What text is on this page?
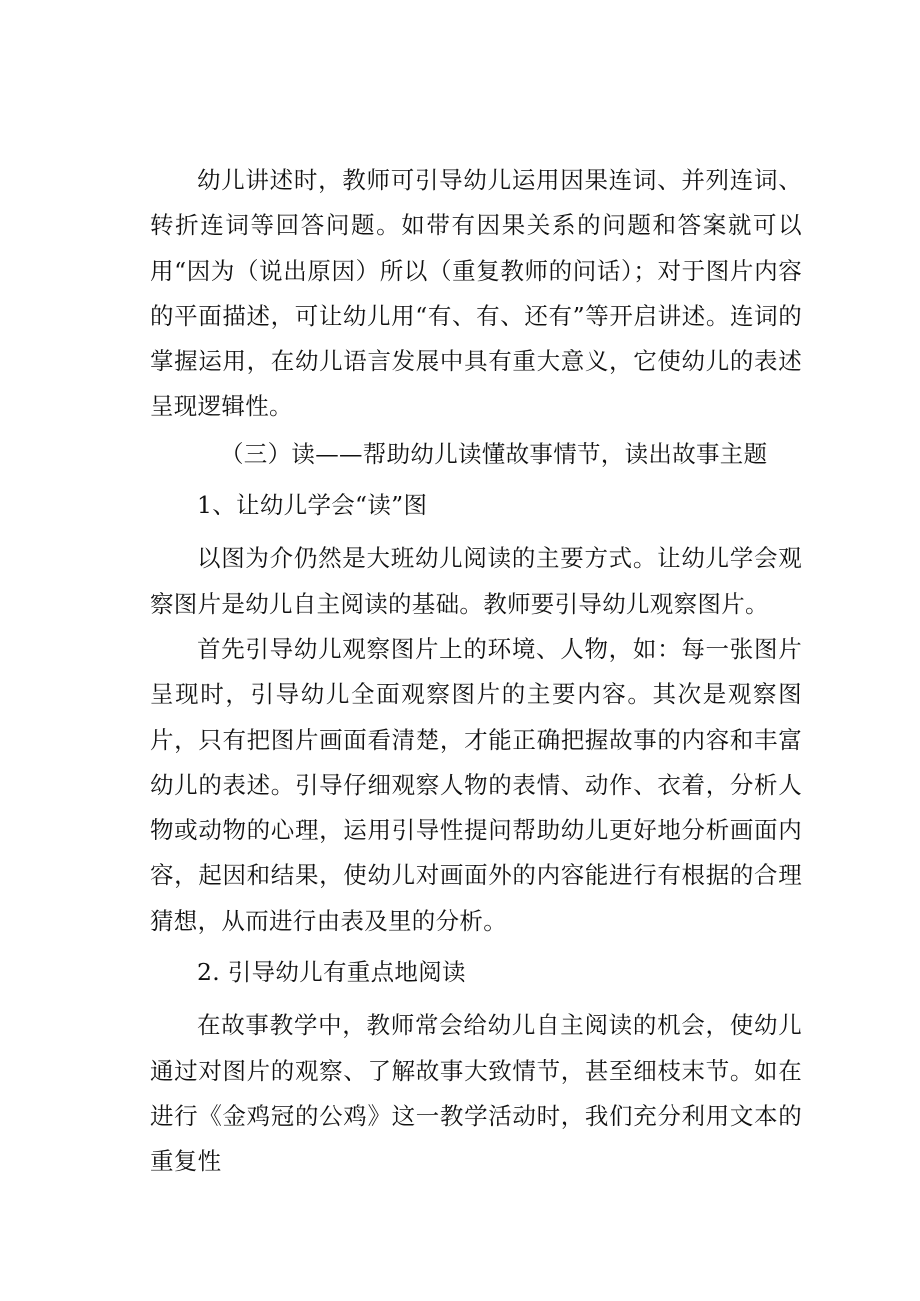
幼儿讲述时，教师可引导幼儿运用因果连词、并列连词、转折连词等回答问题。如带有因果关系的问题和答案就可以用“因为（说出原因）所以（重复教师的问话）；对于图片内容的平面描述，可让幼儿用“有、有、还有”等开启讲述。连词的掌握运用，在幼儿语言发展中具有重大意义，它使幼儿的表述呈现逻辑性。

（三）读——帮助幼儿读懂故事情节，读出故事主题

1、让幼儿学会“读”图

以图为介仍然是大班幼儿阅读的主要方式。让幼儿学会观察图片是幼儿自主阅读的基础。教师要引导幼儿观察图片。

首先引导幼儿观察图片上的环境、人物，如：每一张图片呈现时，引导幼儿全面观察图片的主要内容。其次是观察图片，只有把图片画面看清楚，才能正确把握故事的内容和丰富幼儿的表述。引导仔细观察人物的表情、动作、衣着，分析人物或动物的心理，运用引导性提问帮助幼儿更好地分析画面内容，起因和结果，使幼儿对画面外的内容能进行有根据的合理猜想，从而进行由表及里的分析。

2. 引导幼儿有重点地阅读

在故事教学中，教师常会给幼儿自主阅读的机会，使幼儿通过对图片的观察、了解故事大致情节，甚至细枝末节。如在进行《金鸡冠的公鸡》这一教学活动时，我们充分利用文本的重复性
